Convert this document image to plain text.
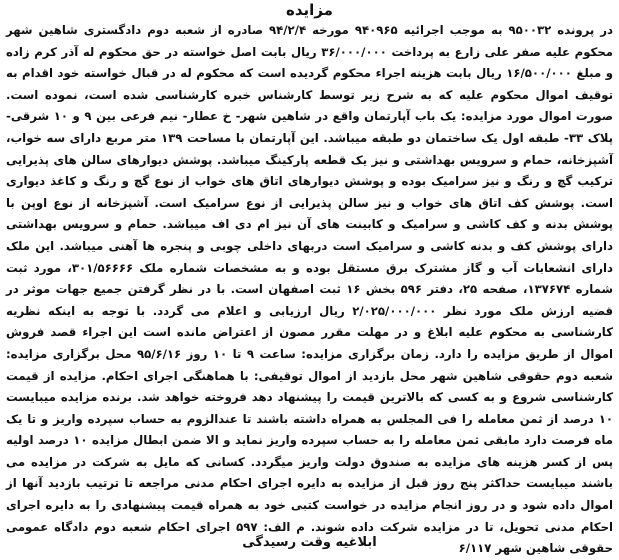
مزایده

در پرونده ۹۵۰۰۳۲ به موجب اجرائیه ۹۴۰۹۶۵ مورخه ۹۴/۲/۴ صادره از شعبه دوم دادگستری شاهین شهر محکوم علیه صفر علی زارع به پرداخت ۳۶/۰۰۰/۰۰۰ ریال بابت اصل خواسته در حق محکوم له آذر کرم زاده و مبلغ ۱۶/۵۰۰/۰۰۰ ریال بابت هزینه اجراء محکوم گردیده است که محکوم له در قبال خواسته خود اقدام به توقیف اموال محکوم علیه که به شرح زیر توسط کارشناس خبره کارشناسی شده است، نموده است. صورت اموال مورد مزایده: یک باب آپارتمان واقع در شاهین شهر- خ عطار- نیم فرعی بین ۹ و ۱۰ شرقی- پلاک ۳۳- طبقه اول یک ساختمان دو طبقه میباشد. این آپارتمان با مساحت ۱۳۹ متر مربع دارای سه خواب، آشپزخانه، حمام و سرویس بهداشتی و نیز یک قطعه پارکینگ میباشد. پوشش دیوارهای سالن های پذیرایی ترکیب گچ و رنگ و نیز سرامیک بوده و پوشش دیوارهای اتاق های خواب از نوع گچ و رنگ و کاغذ دیواری است. پوشش کف اتاق های خواب و نیز سالن پذیرایی از نوع سرامیک است. آشپزخانه از نوع اوپن با پوشش بدنه و کف کاشی و سرامیک و کابینت های آن نیز ام دی اف میباشد. حمام و سرویس بهداشتی دارای پوشش کف و بدنه کاشی و سرامیک است دربهای داخلی چوبی و پنجره ها آهنی میباشد. این ملک دارای انشعابات آب و گاز مشترک برق مستقل بوده و به مشخصات شماره ملک ۳۰۱/۵۶۶۶۶، مورد ثبت شماره ۱۳۷۶۷۴، صفحه ۲۵، دفتر ۵۹۶ بخش ۱۶ ثبت اصفهان است. با در نظر گرفتن جمیع جهات موثر در قضیه ارزش ملک مورد نظر ۲/۰۲۵/۰۰۰/۰۰۰ ریال ارزیابی و اعلام می گردد. با توجه به اینکه نظریه کارشناسی به محکوم علیه ابلاغ و در مهلت مقرر مصون از اعتراض مانده است این اجراء قصد فروش اموال از طریق مزایده را دارد. زمان برگزاری مزایده: ساعت ۹ تا ۱۰ روز ۹۵/۶/۱۶ محل برگزاری مزایده: شعبه دوم حقوقی شاهین شهر محل بازدید از اموال توقیفی: با هماهنگی اجرای احکام. مزایده از قیمت کارشناسی شروع و به کسی که بالاترین قیمت را پیشنهاد دهد فروخته خواهد شد. برنده مزایده میبایست ۱۰ درصد از ثمن معامله را فی المجلس به همراه داشته باشند تا عندالزوم به حساب سپرده واریز و تا یک ماه فرصت دارد مابقی ثمن معامله را به حساب سپرده واریز نماید و الا ضمن ابطال مزایده ۱۰ درصد اولیه پس از کسر هزینه های مزایده به صندوق دولت واریز میگردد. کسانی که مایل به شرکت در مزایده می باشند میبایست حداکثر پنج روز قبل از مزایده به دایره اجرای احکام مدنی مراجعه تا ترتیب بازدید آنها از اموال داده شود و در روز انجام مزایده در خواست کتبی خود به همراه قیمت پیشنهادی را به دایره اجرای احکام مدنی تحویل، تا در مزایده شرکت داده شوند. م الف: ۵۹۷ اجرای احکام شعبه دوم دادگاه عمومی حقوقی شاهین شهر ۶/۱۱۷

ابلاغیه وقت رسیدگی
